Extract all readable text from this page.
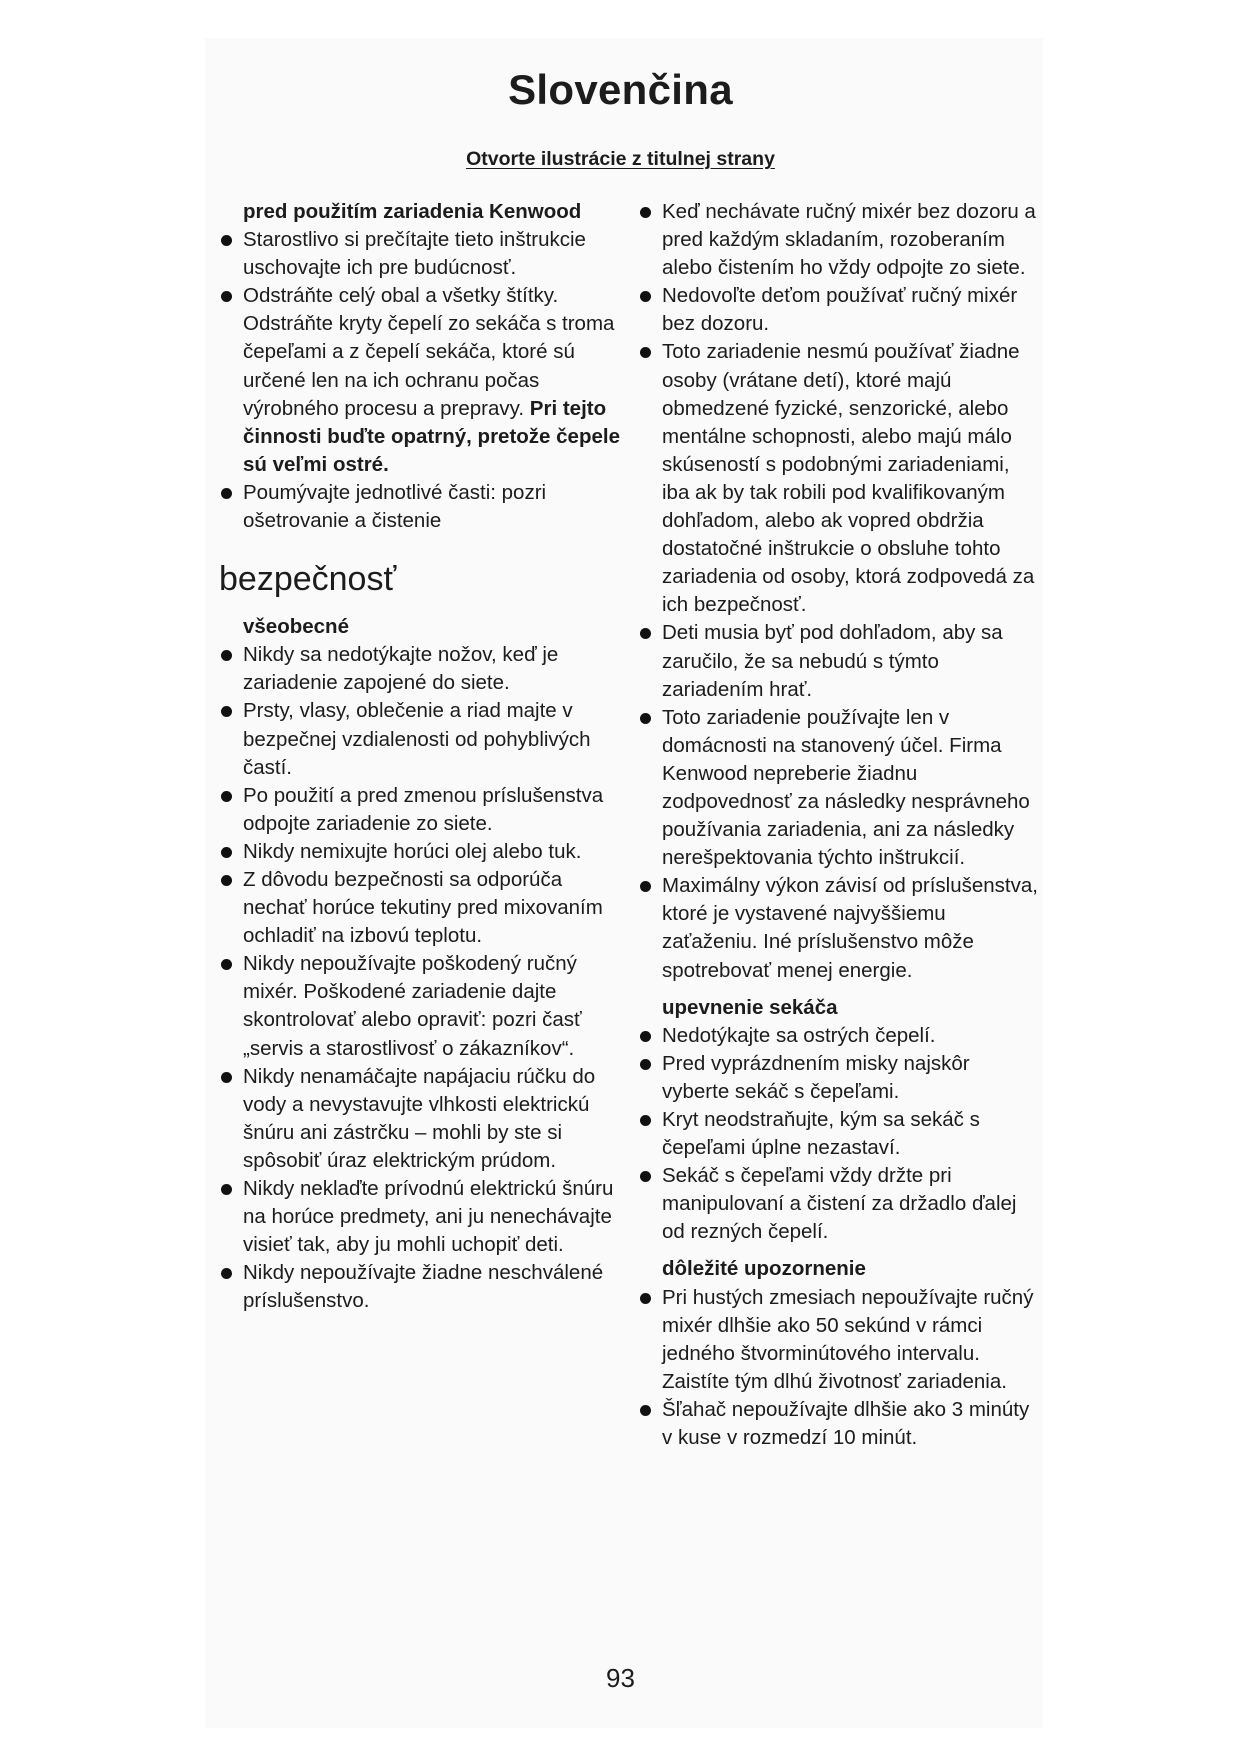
Slovenčina

Otvorte ilustrácie z titulnej strany

pred použitím zariadenia Kenwood

Starostlivo si prečítajte tieto inštrukcie uschovajte ich pre budúcnosť.
Odstráňte celý obal a všetky štítky. Odstráňte kryty čepelí zo sekáča s troma čepeľami a z čepelí sekáča, ktoré sú určené len na ich ochranu počas výrobného procesu a prepravy. Pri tejto činnosti buďte opatrný, pretože čepele sú veľmi ostré.
Poumývajte jednotlivé časti: pozri ošetrovanie a čistenie

bezpečnosť

všeobecné

Nikdy sa nedotýkajte nožov, keď je zariadenie zapojené do siete.
Prsty, vlasy, oblečenie a riad majte v bezpečnej vzdialenosti od pohyblivých častí.
Po použití a pred zmenou príslušenstva odpojte zariadenie zo siete.
Nikdy nemixujte horúci olej alebo tuk.
Z dôvodu bezpečnosti sa odporúča nechať horúce tekutiny pred mixovaním ochladiť na izbovú teplotu.
Nikdy nepoužívajte poškodený ručný mixér. Poškodené zariadenie dajte skontrolovať alebo opraviť: pozri časť „servis a starostlivosť o zákazníkov“.
Nikdy nenamáčajte napájaciu rúčku do vody a nevystavujte vlhkosti elektrickú šnúru ani zástrčku – mohli by ste si spôsobiť úraz elektrickým prúdom.
Nikdy neklaďte prívodnú elektrickú šnúru na horúce predmety, ani ju nenechávajte visieť tak, aby ju mohli uchopiť deti.
Nikdy nepoužívajte žiadne neschválené príslušenstvo.
Keď nechávate ručný mixér bez dozoru a pred každým skladaním, rozoberaním alebo čistením ho vždy odpojte zo siete.
Nedovoľte deťom používať ručný mixér bez dozoru.
Toto zariadenie nesmú používať žiadne osoby (vrátane detí), ktoré majú obmedzené fyzické, senzorické, alebo mentálne schopnosti, alebo majú málo skúseností s podobnými zariadeniami, iba ak by tak robili pod kvalifikovaným dohľadom, alebo ak vopred obdržia dostatočné inštrukcie o obsluhe tohto zariadenia od osoby, ktorá zodpovedá za ich bezpečnosť.
Deti musia byť pod dohľadom, aby sa zaručilo, že sa nebudú s týmto zariadením hrať.
Toto zariadenie používajte len v domácnosti na stanovený účel. Firma Kenwood nepreberie žiadnu zodpovednosť za následky nesprávneho používania zariadenia, ani za následky nerešpektovania týchto inštrukcií.
Maximálny výkon závisí od príslušenstva, ktoré je vystavené najvyššiemu zaťaženiu. Iné príslušenstvo môže spotrebovať menej energie.

upevnenie sekáča

Nedotýkajte sa ostrých čepelí.
Pred vyprázdnením misky najskôr vyberte sekáč s čepeľami.
Kryt neodstraňujte, kým sa sekáč s čepeľami úplne nezastaví.
Sekáč s čepeľami vždy držte pri manipulovaní a čistení za držadlo ďalej od rezných čepelí.

dôležité upozornenie

Pri hustých zmesiach nepoužívajte ručný mixér dlhšie ako 50 sekúnd v rámci jedného štvorminútového intervalu. Zaistíte tým dlhú životnosť zariadenia.
Šľahač nepoužívajte dlhšie ako 3 minúty v kuse v rozmedzí 10 minút.
93
